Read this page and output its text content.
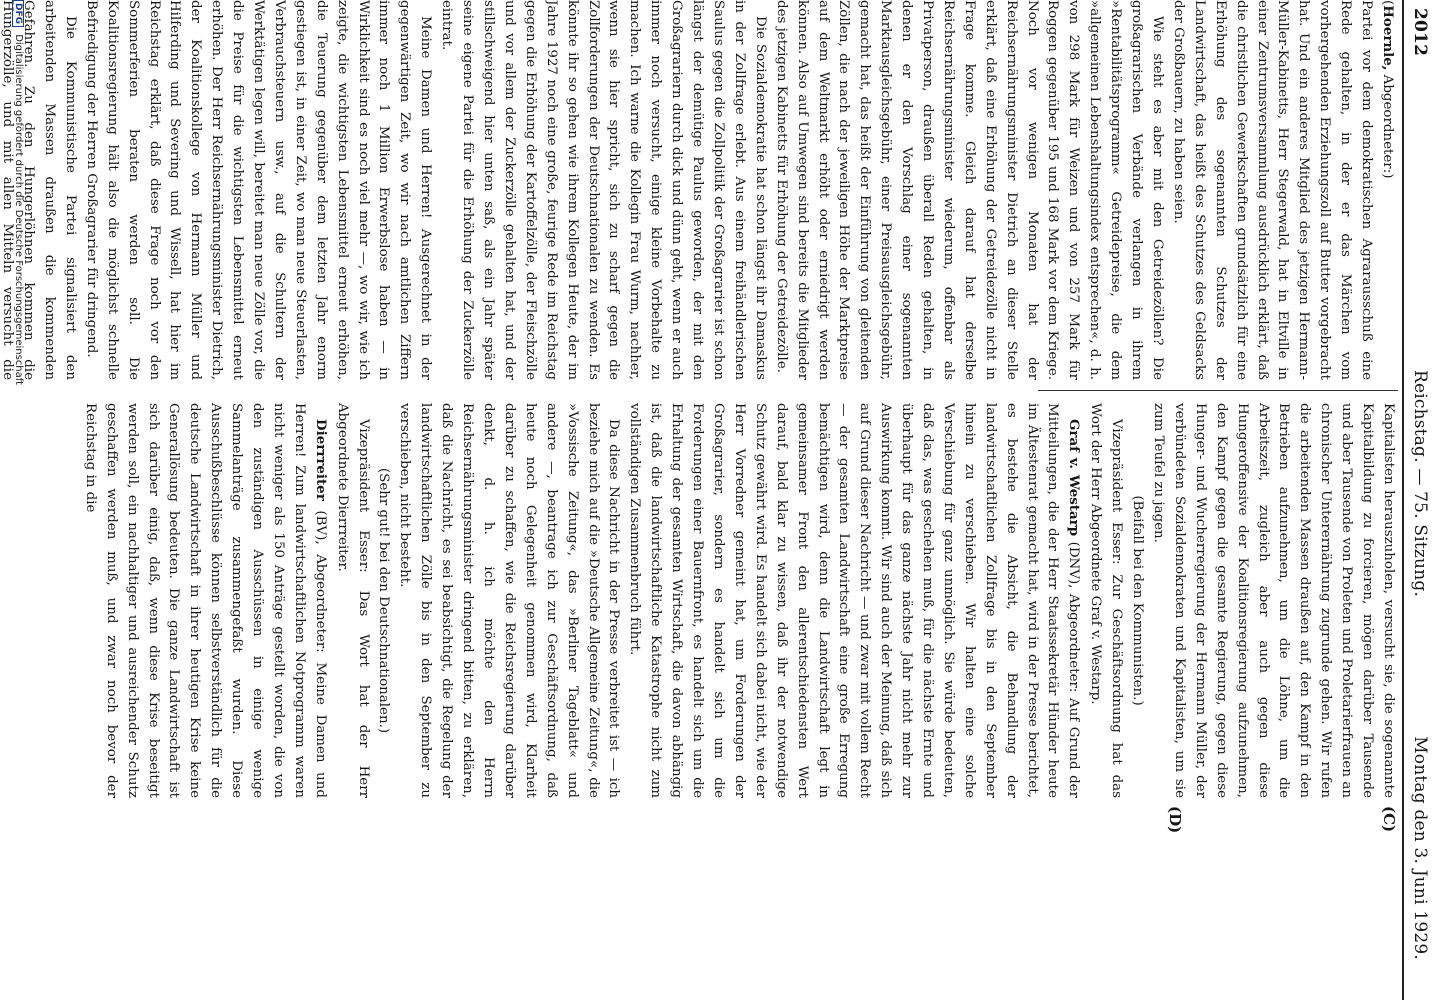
2012
Reichstag. — 75. Sitzung.
Montag den 3. Juni 1929.
(C)
(D)

(Hoernle, Abgeordneter:)

Partei vor dem demokratischen Agrarausschuß eine Rede gehalten, in der er das Märchen vom vorhergehenden Erziehungszoll auf Butter vorgebracht hat. Und ein anderes Mitglied des jetzigen Hermann-Müller-Kabinetts, Herr Stegerwald, hat in Eltville in einer Zentrumsversammlung ausdrücklich erklärt, daß die christlichen Gewerkschaften grundsätzlich für eine Erhöhung des sogenannten Schutzes der Landwirtschaft, das heißt des Schutzes des Geldsacks der Großbauern, zu haben seien.

Wie steht es aber mit den Getreidezöllen? Die großagrarischen Verbände verlangen in ihrem »Rentabilitätsprogramm« Getreidepreise, die dem »allgemeinen Lebenshaltungsindex entsprechen«, d. h. von 298 Mark für Weizen und von 257 Mark für Roggen gegenüber 195 und 168 Mark vor dem Kriege. Noch vor wenigen Monaten hat der Reichsernährungsminister Dietrich an dieser Stelle erklärt, daß eine Erhöhung der Getreidezölle nicht in Frage komme. Gleich darauf hat derselbe Reichsernährungsminister wiederum, offenbar als Privatperson, draußen überall Reden gehalten, in denen er den Vorschlag einer sogenannten Marktausgleichsgebühr, einer Preisausgleichsgebühr, gemacht hat, das heißt der Einführung von gleitenden Zöllen, die nach der jeweiligen Höhe der Marktpreise auf dem Weltmarkt erhöht oder erniedrigt werden können. Also auf Umwegen sind bereits die Mitglieder des jetzigen Kabinetts für Erhöhung der Getreidezölle.

Die Sozialdemokratie hat schon längst ihr Damaskus in der Zollfrage erlebt. Aus einem freihändlerischen Saulus gegen die Zollpolitik der Großagrarier ist schon längst der demütige Paulus geworden, der mit den Großagrariern durch dick und dünn geht, wenn er auch immer noch versucht, einige kleine Vorbehalte zu machen. Ich warne die Kollegin Frau Wurm, nachher, wenn sie hier spricht, sich zu scharf gegen die Zollforderungen der Deutschnationalen zu wenden. Es könnte ihr so gehen wie ihrem Kollegen Heute, der im Jahre 1927 noch eine große, feurige Rede im Reichstag gegen die Erhöhung der Kartoffelzölle, der Fleischzölle und vor allem der Zuckerzölle gehalten hat, und der stillschweigend hier unten saß, als ein Jahr später seine eigene Partei für die Erhöhung der Zuckerzölle eintrat.

Meine Damen und Herren! Ausgerechnet in der gegenwärtigen Zeit, wo wir nach amtlichen Ziffern immer noch 1 Million Erwerbslose haben — in Wirklichkeit sind es noch viel mehr —, wo wir, wie ich zeigte, die wichtigsten Lebensmittel erneut erhöhen, die Teuerung gegenüber dem letzten Jahr enorm gestiegen ist, in einer Zeit, wo man neue Steuerlasten, Verbrauchsteuern usw., auf die Schultern der Werktätigen legen will, bereitet man neue Zölle vor, die die Preise für die wichtigsten Lebensmittel erneut erhöhen. Der Herr Reichsernährungsminister Dietrich, der Koalitionskollege von Hermann Müller und Hilferding und Severing und Wissell, hat hier im Reichstag erklärt, daß diese Frage noch vor den Sommerferien beraten werden soll. Die Koalitionsregierung hält also die möglichst schnelle Befriedigung der Herren Großagrarier für dringend.

Die Kommunistische Partei signalisiert den arbeitenden Massen draußen die kommenden Gefahren. Zu den Hungerlöhnen kommen die Hungerzölle, und mit allen Mitteln versucht die

Kapitalisten herauszuholen, versucht sie, die sogenannte Kapitalbildung zu forcieren, mögen darüber Tausende und aber Tausende von Proleten und Proletarierfrauen an chronischer Unterernährung zugrunde gehen. Wir rufen die arbeitenden Massen draußen auf, den Kampf in den Betrieben aufzunehmen, um die Löhne, um die Arbeitszeit, zugleich aber auch gegen diese Hungeroffensive der Koalitionsregierung aufzunehmen, den Kampf gegen die gesamte Regierung, gegen diese Hunger- und Wucherregierung der Hermann Müller, der verbündeten Sozialdemokraten und Kapitalisten, um sie zum Teufel zu jagen.

(Beifall bei den Kommunisten.)

Vizepräsident Esser: Zur Geschäftsordnung hat das Wort der Herr Abgeordnete Graf v. Westarp.

Graf v. Westarp (DNV), Abgeordneter: Auf Grund der Mitteilungen, die der Herr Staatssekretär Hünder heute im Ältestenrat gemacht hat, wird in der Presse berichtet, es bestehe die Absicht, die Behandlung der landwirtschaftlichen Zollfrage bis in den September hinein zu verschieben. Wir halten eine solche Verschiebung für ganz unmöglich. Sie würde bedeuten, daß das, was geschehen muß, für die nächste Ernte und überhaupt für das ganze nächste Jahr nicht mehr zur Auswirkung kommt. Wir sind auch der Meinung, daß sich auf Grund dieser Nachricht — und zwar mit vollem Recht — der gesamten Landwirtschaft eine große Erregung bemächtigen wird, denn die Landwirtschaft legt in gemeinsamer Front den allerentschiedensten Wert darauf, bald klar zu wissen, daß ihr der notwendige Schutz gewährt wird. Es handelt sich dabei nicht, wie der Herr Vorredner gemeint hat, um Forderungen der Großagrarier, sondern es handelt sich um die Forderungen einer Bauernfront, es handelt sich um die Erhaltung der gesamten Wirtschaft, die davon abhängig ist, daß die landwirtschaftliche Katastrophe nicht zum vollständigen Zusammenbruch führt.

Da diese Nachricht in der Presse verbreitet ist — ich beziehe mich auf die »Deutsche Allgemeine Zeitung«, die »Vossische Zeitung«, das »Berliner Tageblatt« und andere —, beantrage ich zur Geschäftsordnung, daß heute noch Gelegenheit genommen wird, Klarheit darüber zu schaffen, wie die Reichsregierung darüber denkt, d. h. ich möchte den Herrn Reichsernährungsminister dringend bitten, zu erklären, daß die Nachricht, es sei beabsichtigt, die Regelung der landwirtschaftlichen Zölle bis in den September zu verschieben, nicht besteht.

(Sehr gut! bei den Deutschnationalen.)

Vizepräsident Esser: Das Wort hat der Herr Abgeordnete Dierrreiter.

Dierrreiter (BV), Abgeordneter: Meine Damen und Herren! Zum landwirtschaftlichen Notprogramm waren nicht weniger als 150 Anträge gestellt worden, die von den zuständigen Ausschüssen in einige wenige Sammelanträge zusammengefaßt wurden. Diese Ausschußbeschlüsse können selbstverständlich für die deutsche Landwirtschaft in ihrer heutigen Krise keine Generallösung bedeuten. Die ganze Landwirtschaft ist sich darüber einig, daß, wenn diese Krise beseitigt werden soll, ein nachhaltiger und ausreichender Schutz geschaffen werden muß, und zwar noch bevor der Reichstag in die

DFG Digitalisierung gefördert durch die Deutsche Forschungsgemeinschaft
